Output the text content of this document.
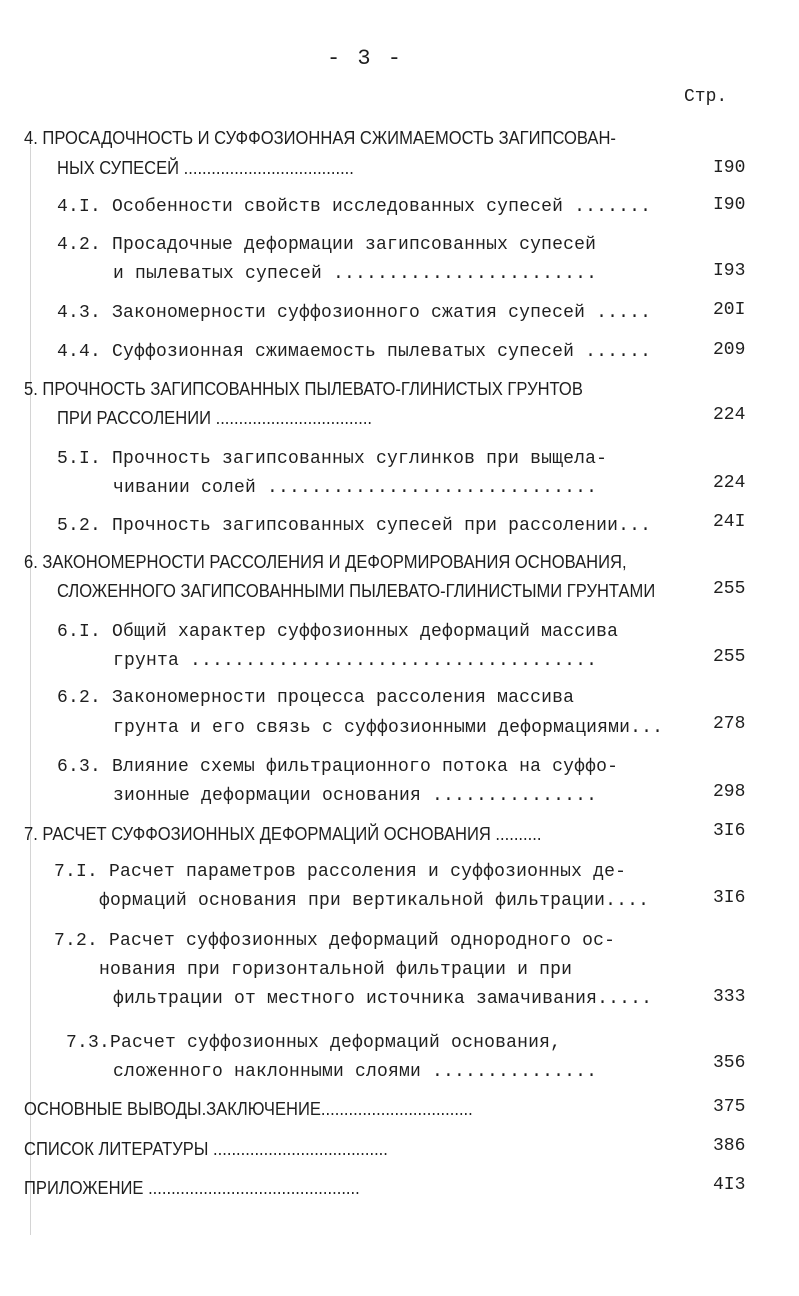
- 3 -
Стр.
4. ПРОСАДОЧНОСТЬ И СУФФОЗИОННАЯ СЖИМАЕМОСТЬ ЗАГИПСОВАН-
НЫХ СУПЕСЕЙ .....................................	I90
4.I. Особенности свойств исследованных супесей .......	I90
4.2. Просадочные деформации загипсованных супесей
и пылеватых супесей ........................	I93
4.3. Закономерности суффозионного сжатия супесей .....	20I
4.4. Суффозионная сжимаемость пылеватых супесей ......	209
5. ПРОЧНОСТЬ ЗАГИПСОВАННЫХ ПЫЛЕВАТО-ГЛИНИСТЫХ ГРУНТОВ
ПРИ РАССОЛЕНИИ ..................................	224
5.I. Прочность загипсованных суглинков при выщела-
чивании солей ..............................	224
5.2. Прочность загипсованных супесей при рассолении...	24I
6. ЗАКОНОМЕРНОСТИ РАССОЛЕНИЯ И ДЕФОРМИРОВАНИЯ ОСНОВАНИЯ,
СЛОЖЕННОГО ЗАГИПСОВАННЫМИ ПЫЛЕВАТО-ГЛИНИСТЫМИ ГРУНТАМИ	255
6.I. Общий характер суффозионных деформаций массива
грунта .....................................	255
6.2. Закономерности процесса рассоления массива
грунта и его связь с суффозионными деформациями...	278
6.3. Влияние схемы фильтрационного потока на суффо-
зионные деформации основания ...............	298
7. РАСЧЕТ СУФФОЗИОННЫХ ДЕФОРМАЦИЙ ОСНОВАНИЯ ..........	3I6
7.I. Расчет параметров рассоления и суффозионных де-
формаций основания при вертикальной фильтрации....	3I6
7.2. Расчет суффозионных деформаций однородного ос-
нования при горизонтальной фильтрации и при
фильтрации от местного источника замачивания.....	333
7.3.Расчет суффозионных деформаций основания,
сложенного наклонными слоями ...............	356
ОСНОВНЫЕ ВЫВОДЫ.ЗАКЛЮЧЕНИЕ.................................	375
СПИСОК ЛИТЕРАТУРЫ ......................................	386
ПРИЛОЖЕНИЕ ..............................................	4I3
